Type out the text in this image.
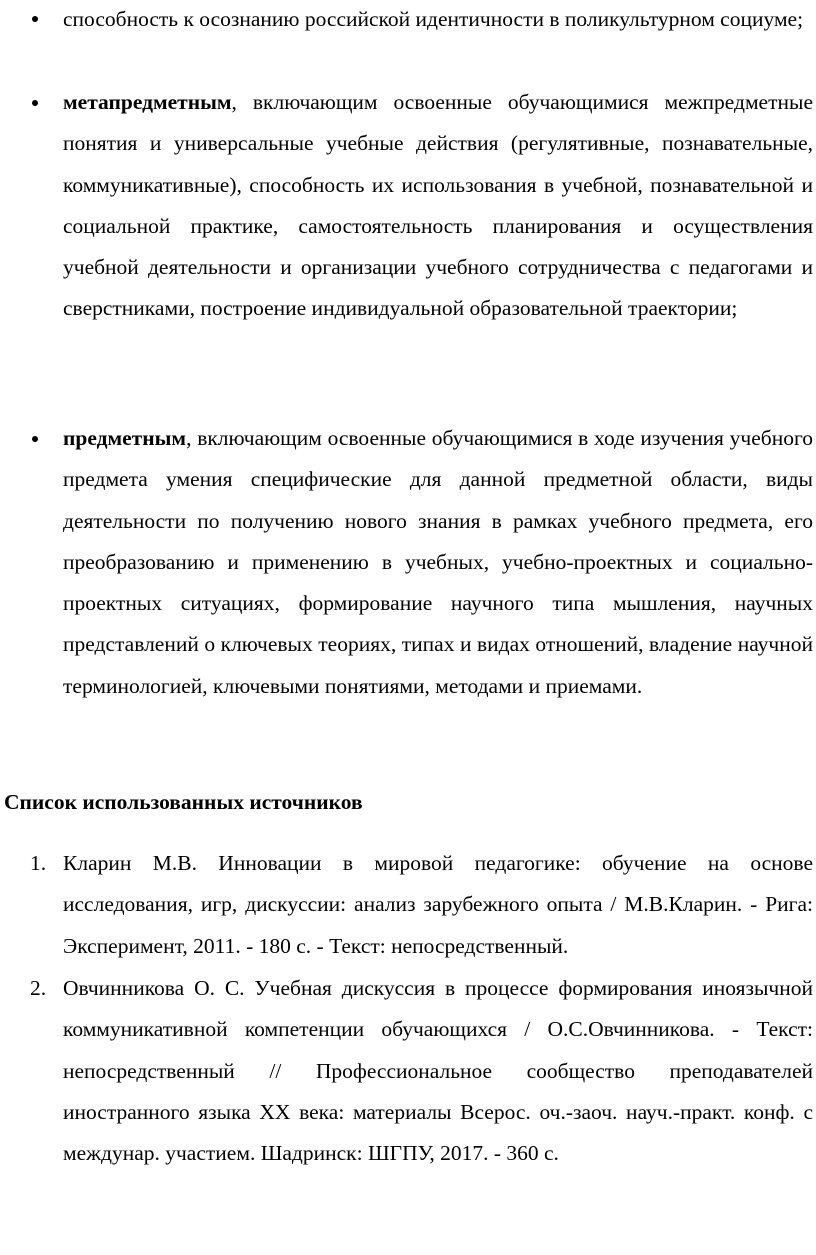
способность к осознанию российской идентичности в поликультурном социуме;

метапредметным, включающим освоенные обучающимися межпредметные понятия и универсальные учебные действия (регулятивные, познавательные, коммуникативные), способность их использования в учебной, познавательной и социальной практике, самостоятельность планирования и осуществления учебной деятельности и организации учебного сотрудничества с педагогами и сверстниками, построение индивидуальной образовательной траектории;

предметным, включающим освоенные обучающимися в ходе изучения учебного предмета умения специфические для данной предметной области, виды деятельности по получению нового знания в рамках учебного предмета, его преобразованию и применению в учебных, учебно-проектных и социально-проектных ситуациях, формирование научного типа мышления, научных представлений о ключевых теориях, типах и видах отношений, владение научной терминологией, ключевыми понятиями, методами и приемами.

Список использованных источников
1. Кларин М.В. Инновации в мировой педагогике: обучение на основе исследования, игр, дискуссии: анализ зарубежного опыта / М.В.Кларин. - Рига: Эксперимент, 2011. - 180 с. - Текст: непосредственный.

2. Овчинникова О. С. Учебная дискуссия в процессе формирования иноязычной коммуникативной компетенции обучающихся / О.С.Овчинникова. - Текст: непосредственный // Профессиональное сообщество преподавателей иностранного языка XX века: материалы Всерос. оч.-заоч. науч.-практ. конф. с междунар. участием. Шадринск: ШГПУ, 2017. - 360 с.
